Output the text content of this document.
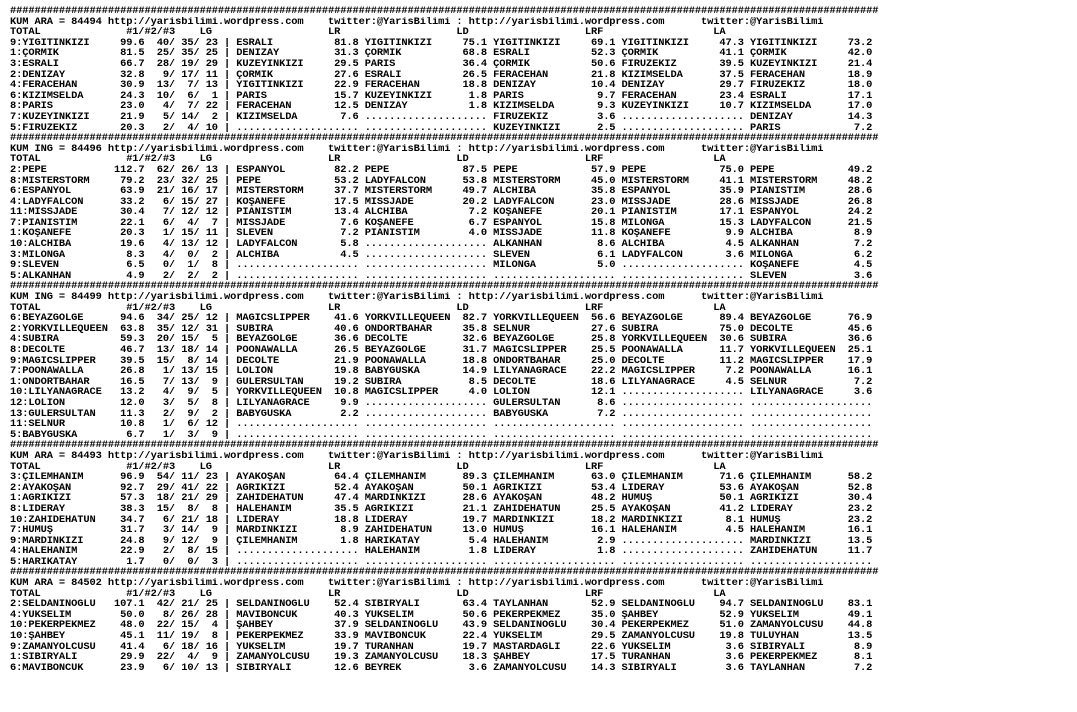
##############################################################################################################################################
KUM ARA = 84494 http://yarisbilimi.wordpress.com    twitter:@YarisBilimi : http://yarisbilimi.wordpress.com      twitter:@YarisBilimi
TOTAL              #1/#2/#3    LG                   LR                   LD                   LRF                  LA
9:YIĞİTİNKIZI     99.6  40/ 35/ 23 | ESRALI          81.8 YIĞİTİNKIZI     75.1 YIĞİTİNKIZI     69.1 YIĞİTİNKIZI     47.3 YIĞİTİNKIZI     73.2
1:ÇORMIK          81.5  25/ 35/ 25 | DENIZAY         31.3 ÇORMIK          68.8 ESRALI          52.3 ÇORMIK          41.1 ÇORMIK          42.0
3:ESRALI          66.7  28/ 19/ 29 | KUZEYİNKIZI     29.5 PARIS           36.4 ÇORMIK          50.6 FİRUZEKIZ       39.5 KUZEYİNKIZI     21.4
2:DENIZAY         32.8   9/ 17/ 11 | ÇORMIK          27.6 ESRALI          26.5 FERACEHAN       21.8 KIZIMSELDA      37.5 FERACEHAN       18.9
4:FERACEHAN       30.9  13/  7/ 13 | YIĞİTİNKIZI     22.9 FERACEHAN       18.8 DENIZAY         10.4 DENIZAY         29.7 FİRUZEKIZ       18.0
6:KIZIMSELDA      24.3  10/  6/  1 | PARIS           15.7 KUZEYİNKIZI      1.8 PARIS            9.7 FERACEHAN       23.4 ESRALI          17.1
8:PARIS           23.0   4/  7/ 22 | FERACEHAN       12.5 DENIZAY          1.8 KIZIMSELDA       9.3 KUZEYİNKIZI     10.7 KIZIMSELDA      17.0
7:KUZEYİNKIZI     21.9   5/ 14/  2 | KIZIMSELDA       7.6 .................... FİRUZEKIZ        3.6 .................... DENIZAY         14.3
5:FİRUZEKIZ       20.3   2/  4/ 10 | .................... .................... KUZEYİNKIZI      2.5 .................... PARIS            7.2
##############################################################################################################################################
KUM ING = 84496 http://yarisbilimi.wordpress.com    twitter:@YarisBilimi : http://yarisbilimi.wordpress.com      twitter:@YarisBilimi
TOTAL              #1/#2/#3    LG                   LR                   LD                   LRF                  LA
2:PEPE           112.7  62/ 26/ 13 | ESPANYOL        82.2 PEPE            87.5 PEPE            57.9 PEPE            75.0 PEPE            49.2
8:MISTERSTORM     79.2  23/ 32/ 25 | PEPE            53.2 LADYFALCON      53.8 MISTERSTORM     45.0 MISTERSTORM     41.1 MISTERSTORM     48.2
6:ESPANYOL        63.9  21/ 16/ 17 | MISTERSTORM     37.7 MISTERSTORM     49.7 ALCHIBA         35.8 ESPANYOL        35.9 PİANİSTİM       28.6
4:LADYFALCON      33.2   6/ 15/ 27 | KOŞANEFE        17.5 MISSJADE        20.2 LADYFALCON      23.0 MISSJADE        28.6 MISSJADE        26.8
11:MISSJADE       30.4   7/ 12/ 12 | PİANİSTİM       13.4 ALCHIBA          7.2 KOŞANEFE        20.1 PİANİSTİM       17.1 ESPANYOL        24.2
7:PİANİSTİM       22.1   6/  4/  7 | MISSJADE         7.6 KOŞANEFE         6.7 ESPANYOL        15.8 MILONGA         15.3 LADYFALCON      21.5
1:KOŞANEFE        20.3   1/ 15/ 11 | SLEVEN           7.2 PİANİSTİM        4.0 MISSJADE        11.8 KOŞANEFE         9.9 ALCHIBA          8.9
10:ALCHIBA        19.6   4/ 13/ 12 | LADYFALCON       5.8 .................... ALKANHAN         8.6 ALCHIBA          4.5 ALKANHAN         7.2
3:MILONGA          8.3   4/  0/  2 | ALCHIBA          4.5 .................... SLEVEN           6.1 LADYFALCON       3.6 MILONGA          6.2
9:SLEVEN           6.5   0/  1/  8 | .................... .................... MILONGA          5.0 .................... KOŞANEFE         4.5
5:ALKANHAN         4.9   2/  2/  2 | .................... .................... .................... .................... SLEVEN           3.6
##############################################################################################################################################
KUM ING = 84499 http://yarisbilimi.wordpress.com    twitter:@YarisBilimi : http://yarisbilimi.wordpress.com      twitter:@YarisBilimi
TOTAL              #1/#2/#3    LG                   LR                   LD                   LRF                  LA
6:BEYAZGÖLGE      94.6  34/ 25/ 12 | MAGICSLIPPER    41.6 YORKVILLEQUEEN  82.7 YORKVILLEQUEEN  56.6 BEYAZGÖLGE      89.4 BEYAZGÖLGE      76.9
2:YORKVILLEQUEEN  63.8  35/ 12/ 31 | SUBIRA          40.6 ONDÖRTBAHAR     35.8 SELNUR          27.6 SUBIRA          75.0 DECOLTE         45.6
4:SUBIRA          59.3  20/ 15/  5 | BEYAZGÖLGE      36.6 DECOLTE         32.6 BEYAZGÖLGE      25.8 YORKVILLEQUEEN  30.6 SUBIRA          36.6
8:DECOLTE         46.7  13/ 18/ 14 | POONAWALLA      26.5 BEYAZGÖLGE      31.7 MAGICSLIPPER    25.5 POONAWALLA      11.7 YORKVILLEQUEEN  25.1
9:MAGICSLIPPER    39.5  15/  8/ 14 | DECOLTE         21.9 POONAWALLA      18.8 ONDÖRTBAHAR     25.0 DECOLTE         11.2 MAGICSLIPPER    17.9
7:POONAWALLA      26.8   1/ 13/ 15 | LOLION          19.8 BABYGUSKA       14.9 LILYANAGRACE    22.2 MAGICSLIPPER     7.2 POONAWALLA      16.1
1:ONDÖRTBAHAR     16.5   7/ 13/  9 | GÜLERSULTAN     19.2 SUBIRA           8.5 DECOLTE         18.6 LILYANAGRACE     4.5 SELNUR           7.2
10:LILYANAGRACE   13.2   4/  9/  5 | YORKVILLEQUEEN  10.8 MAGICSLIPPER     4.0 LOLION          12.1 .................... LILYANAGRACE     3.6
12:LOLION         12.0   3/  5/  8 | LILYANAGRACE     9.9 .................... GÜLERSULTAN      8.6 .................... ....................
13:GÜLERSULTAN    11.3   2/  9/  2 | BABYGUSKA        2.2 .................... BABYGUSKA        7.2 .................... ....................
11:SELNUR         10.8   1/  6/ 12 | .................... .................... .................... .................... ....................
5:BABYGUSKA        6.7   1/  3/  9 | .................... .................... .................... .................... ....................
##############################################################################################################################################
KUM ARA = 84493 http://yarisbilimi.wordpress.com    twitter:@YarisBilimi : http://yarisbilimi.wordpress.com      twitter:@YarisBilimi
TOTAL              #1/#2/#3    LG                   LR                   LD                   LRF                  LA
3:ÇİLEMHANIM      96.9  54/ 11/ 23 | AYAKOŞAN        64.4 ÇİLEMHANIM      89.3 ÇİLEMHANIM      63.0 ÇİLEMHANIM      71.6 ÇİLEMHANIM      58.2
2:AYAKOŞAN        92.7  29/ 41/ 22 | AĞRIKIZI        52.4 AYAKOŞAN        50.1 AĞRIKIZI        53.4 LİDERAY         53.6 AYAKOŞAN        52.8
1:AĞRIKIZI        57.3  18/ 21/ 29 | ZAHİDEHATUN     47.4 MARDİNKIZI      28.6 AYAKOŞAN        48.2 HÜMÜŞ           50.1 AĞRIKIZI        30.4
8:LİDERAY         38.3  15/  8/  8 | HALEHANIM       35.5 AĞRIKIZI        21.1 ZAHİDEHATUN     25.5 AYAKOŞAN        41.2 LİDERAY         23.2
10:ZAHİDEHATUN    34.7   6/ 21/ 18 | LİDERAY         18.8 LİDERAY         19.7 MARDİNKIZI      18.2 MARDİNKIZI       8.1 HÜMÜŞ           23.2
7:HÜMÜŞ           31.7   3/ 14/  9 | MARDİNKIZI       8.9 ZAHİDEHATUN     13.0 HÜMÜŞ           16.1 HALEHANIM        4.5 HALEHANIM       16.1
9:MARDİNKIZI      24.8   9/ 12/  9 | ÇİLEMHANIM       1.8 HARİKATAY        5.4 HALEHANIM        2.9 .................... MARDİNKIZI      13.5
4:HALEHANIM       22.9   2/  8/ 15 | .................... HALEHANIM        1.8 LİDERAY          1.8 .................... ZAHİDEHATUN     11.7
5:HARİKATAY        1.7   0/  0/  3 | .................... .................... .................... .................... ....................
##############################################################################################################################################
KUM ARA = 84502 http://yarisbilimi.wordpress.com    twitter:@YarisBilimi : http://yarisbilimi.wordpress.com      twitter:@YarisBilimi
TOTAL              #1/#2/#3    LG                   LR                   LD                   LRF                  LA
2:SELDANINOĞLU   107.1  42/ 21/ 25 | SELDANINOĞLU    52.4 SİBİRYALI       63.4 TAYLANHAN       52.9 SELDANINOĞLU    94.7 SELDANINOĞLU    83.1
4:YÜKSELİM        50.0   8/ 26/ 28 | MAVİBONCUK      40.3 YÜKSELİM        50.6 PEKERPEKMEZ     35.0 ŞAHBEY          52.9 YÜKSELİM        49.1
10:PEKERPEKMEZ    48.0  22/ 15/  4 | ŞAHBEY          37.9 SELDANINOĞLU    43.9 SELDANINOĞLU    30.4 PEKERPEKMEZ     51.0 ZAMANYOLCUSU    44.8
10:ŞAHBEY         45.1  11/ 19/  8 | PEKERPEKMEZ     33.9 MAVİBONCUK      22.4 YÜKSELİM        29.5 ZAMANYOLCUSU    19.8 TULUYHAN        13.5
9:ZAMANYOLCUSU    41.4   6/ 18/ 16 | YÜKSELİM        19.7 TURANHAN        19.7 MASTARDAĞLI     22.6 YÜKSELİM         3.6 SİBİRYALI        8.9
1:SİBİRYALI       29.9  22/  4/  9 | ZAMANYOLCUSU    19.3 ZAMANYOLCUSU    18.3 ŞAHBEY          17.5 TURANHAN         3.6 PEKERPEKMEZ      8.1
6:MAVİBONCUK      23.9   6/ 10/ 13 | SİBİRYALI       12.6 BEYREK           3.6 ZAMANYOLCUSU    14.3 SİBİRYALI        3.6 TAYLANHAN        7.2
